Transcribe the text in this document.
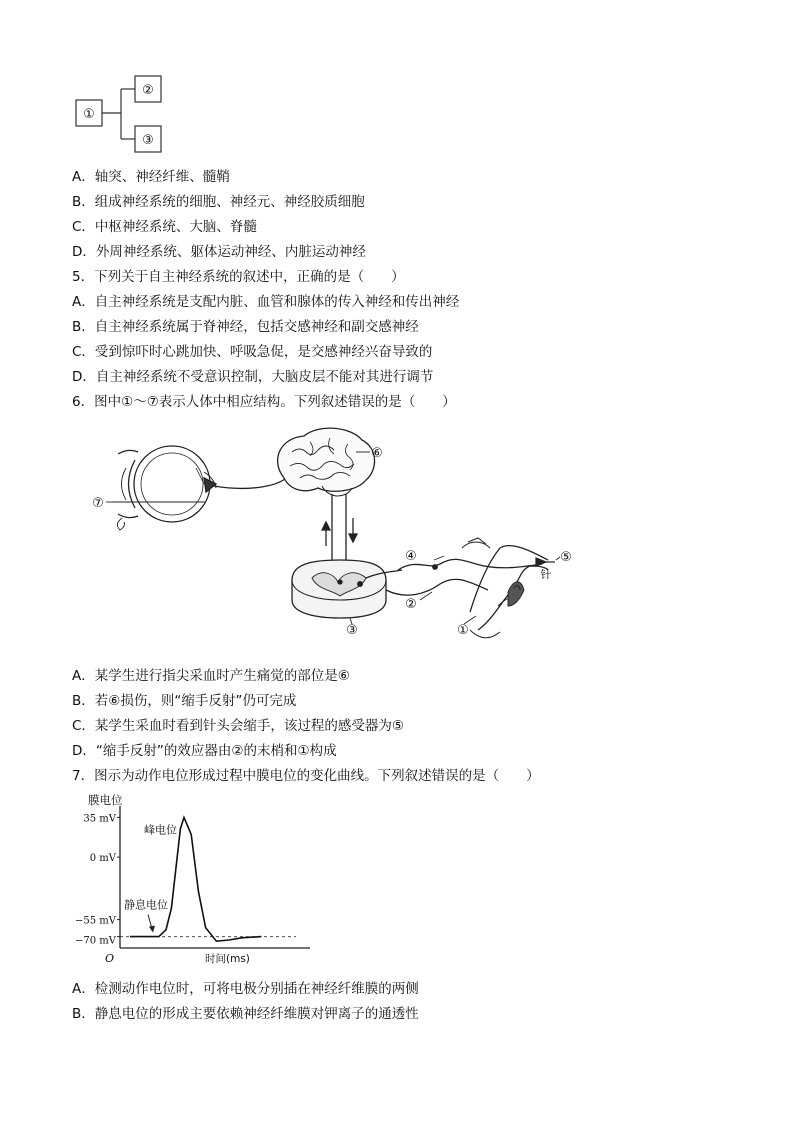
①
②
③
A．轴突、神经纤维、髓鞘
B．组成神经系统的细胞、神经元、神经胶质细胞
C．中枢神经系统、大脑、脊髓
D．外周神经系统、躯体运动神经、内脏运动神经
5．下列关于自主神经系统的叙述中，正确的是（　　）
A．自主神经系统是支配内脏、血管和腺体的传入神经和传出神经
B．自主神经系统属于脊神经，包括交感神经和副交感神经
C．受到惊吓时心跳加快、呼吸急促，是交感神经兴奋导致的
D．自主神经系统不受意识控制，大脑皮层不能对其进行调节
6．图中①～⑦表示人体中相应结构。下列叙述错误的是（　　）
⑥
⑦
④	⑤
针
②
③	①
A．某学生进行指尖采血时产生痛觉的部位是⑥
B．若⑥损伤，则“缩手反射”仍可完成
C．某学生采血时看到针头会缩手，该过程的感受器为⑤
D．“缩手反射”的效应器由②的末梢和①构成
7．图示为动作电位形成过程中膜电位的变化曲线。下列叙述错误的是（　　）
膜电位
时间(ms)
O
35 mV
0 mV
−55 mV
−70 mV
峰电位
静息电位
A．检测动作电位时，可将电极分别插在神经纤维膜的两侧
B．静息电位的形成主要依赖神经纤维膜对钾离子的通透性
